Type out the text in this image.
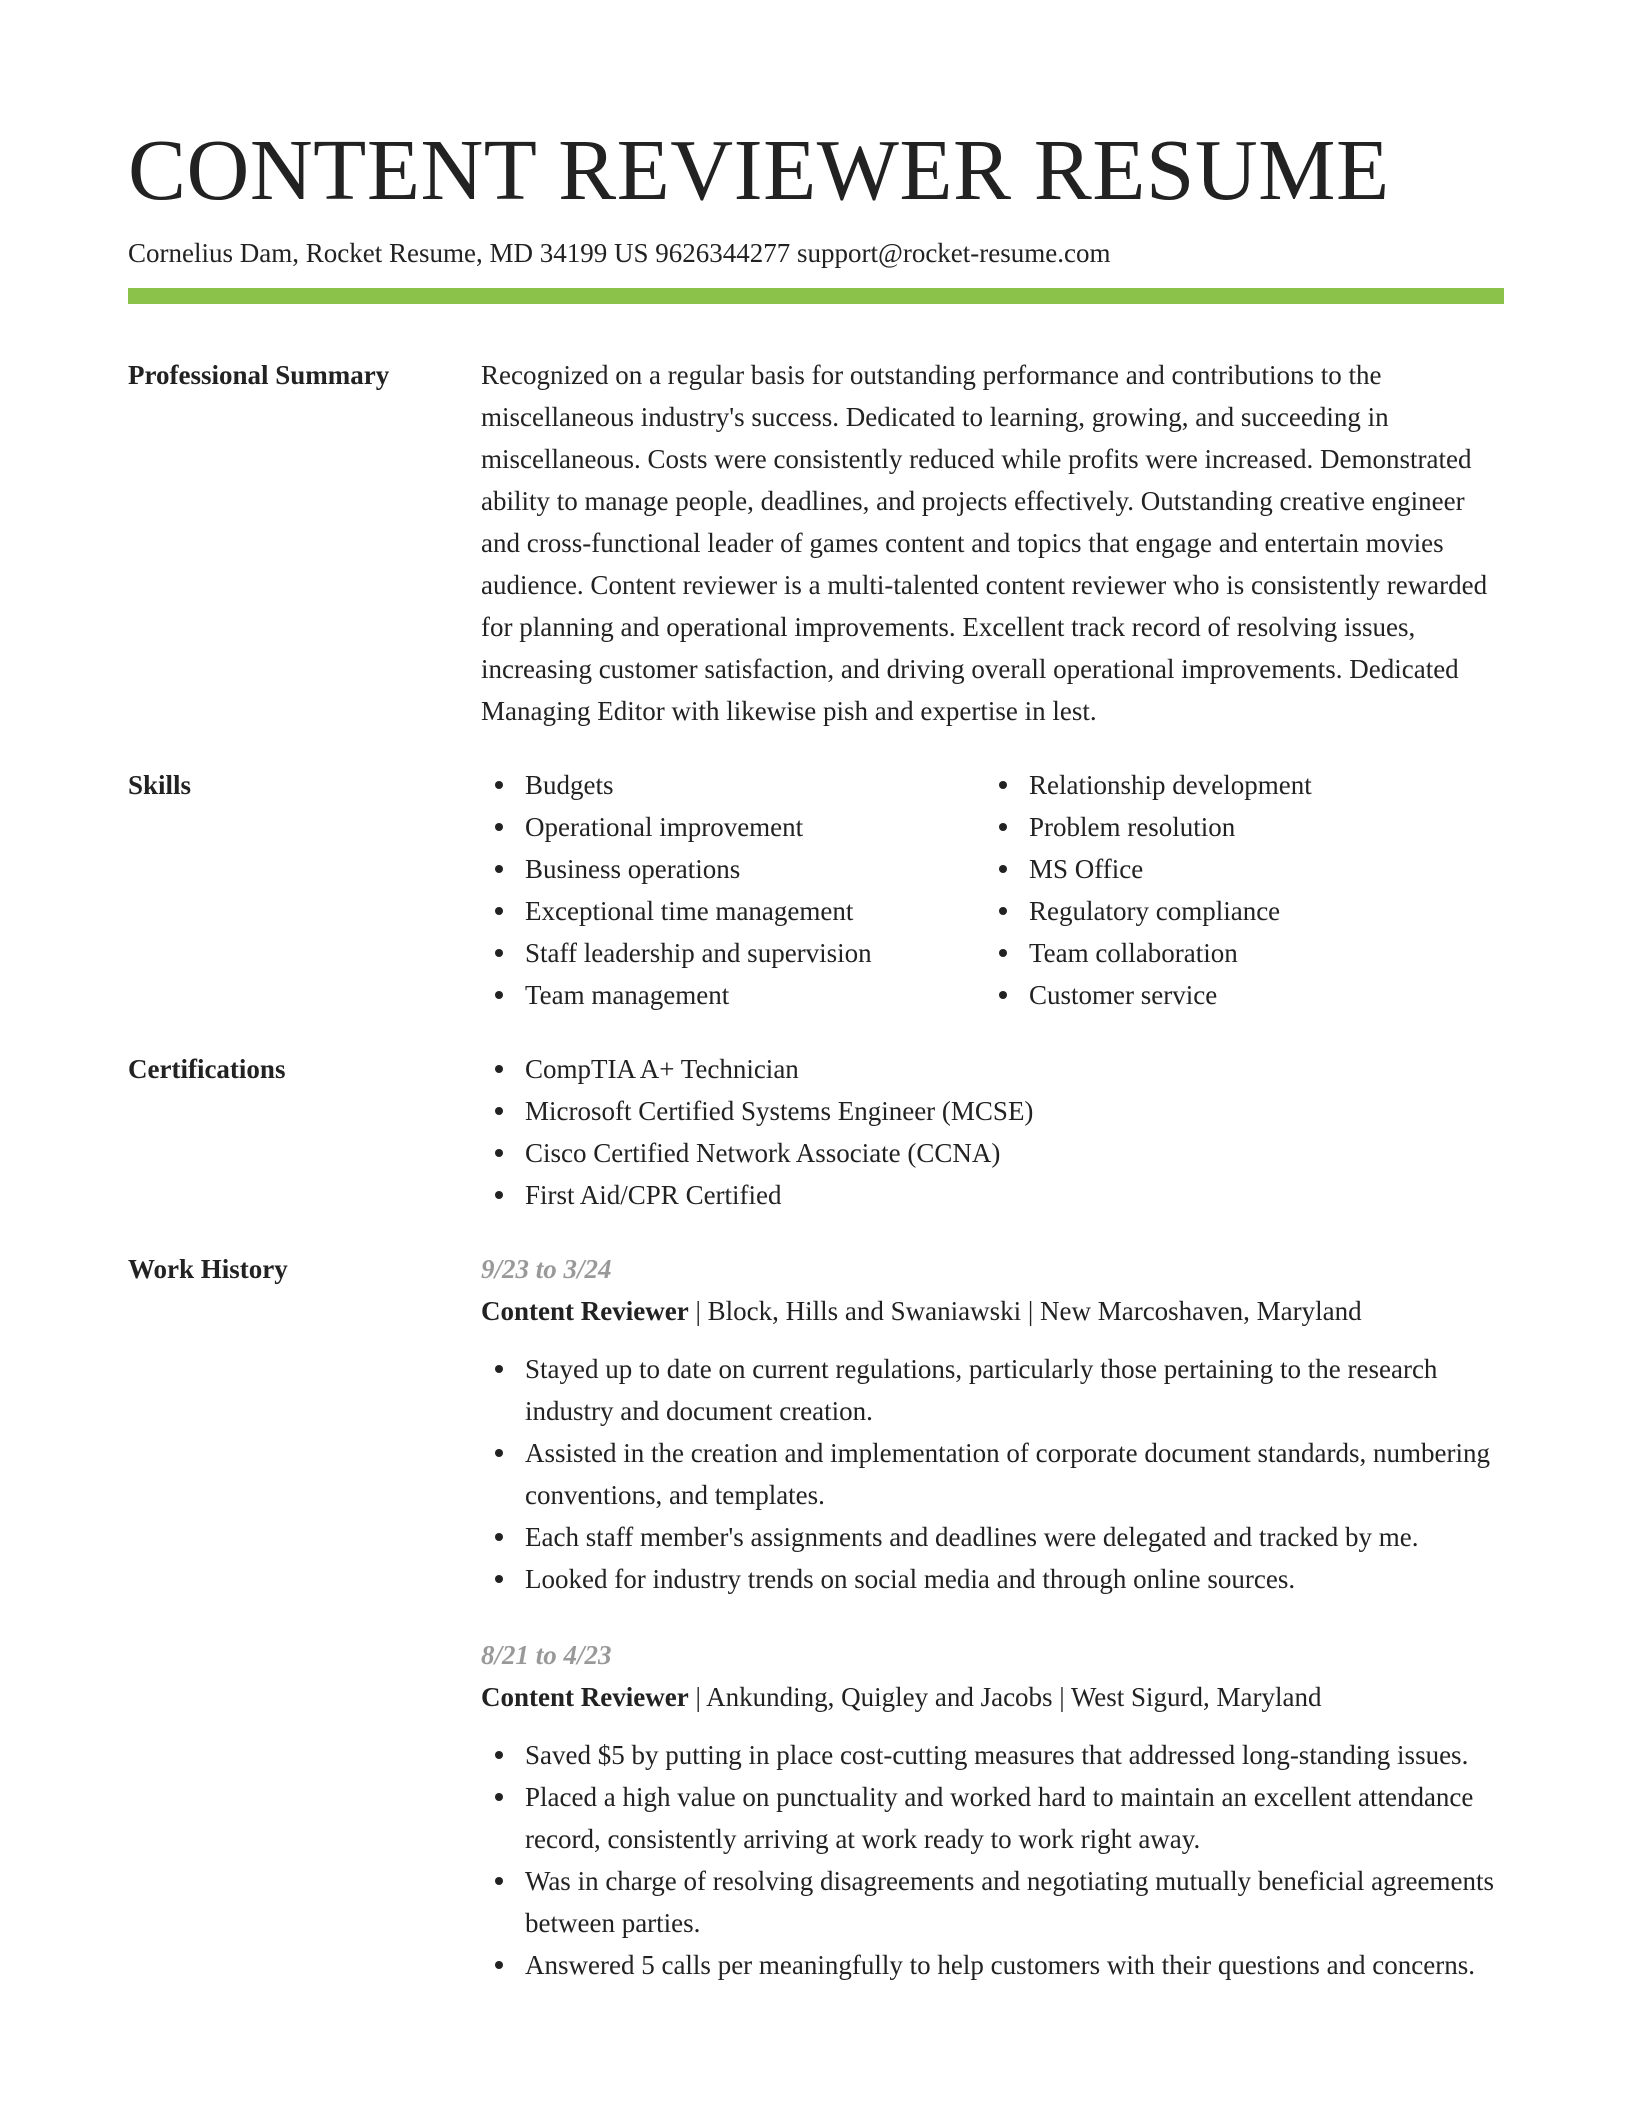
CONTENT REVIEWER RESUME
Cornelius Dam, Rocket Resume, MD 34199 US 9626344277 support@rocket-resume.com
Professional Summary	Recognized on a regular basis for outstanding performance and contributions to the miscellaneous industry's success. Dedicated to learning, growing, and succeeding in miscellaneous. Costs were consistently reduced while profits were increased. Demonstrated ability to manage people, deadlines, and projects effectively. Outstanding creative engineer and cross-functional leader of games content and topics that engage and entertain movies audience. Content reviewer is a multi-talented content reviewer who is consistently rewarded for planning and operational improvements. Excellent track record of resolving issues, increasing customer satisfaction, and driving overall operational improvements. Dedicated Managing Editor with likewise pish and expertise in lest.

Skills	Budgets
Operational improvement
Business operations
Exceptional time management
Staff leadership and supervision
Team management
Relationship development
Problem resolution
MS Office
Regulatory compliance
Team collaboration
Customer service
Certifications	CompTIA A+ Technician
Microsoft Certified Systems Engineer (MCSE)
Cisco Certified Network Associate (CCNA)
First Aid/CPR Certified
Work History	9/23 to 3/24
Content Reviewer | Block, Hills and Swaniawski | New Marcoshaven, Maryland
Stayed up to date on current regulations, particularly those pertaining to the research industry and document creation.
Assisted in the creation and implementation of corporate document standards, numbering conventions, and templates.
Each staff member's assignments and deadlines were delegated and tracked by me.
Looked for industry trends on social media and through online sources.
8/21 to 4/23
Content Reviewer | Ankunding, Quigley and Jacobs | West Sigurd, Maryland
Saved $5 by putting in place cost-cutting measures that addressed long-standing issues.
Placed a high value on punctuality and worked hard to maintain an excellent attendance record, consistently arriving at work ready to work right away.
Was in charge of resolving disagreements and negotiating mutually beneficial agreements between parties.
Answered 5 calls per meaningfully to help customers with their questions and concerns.
